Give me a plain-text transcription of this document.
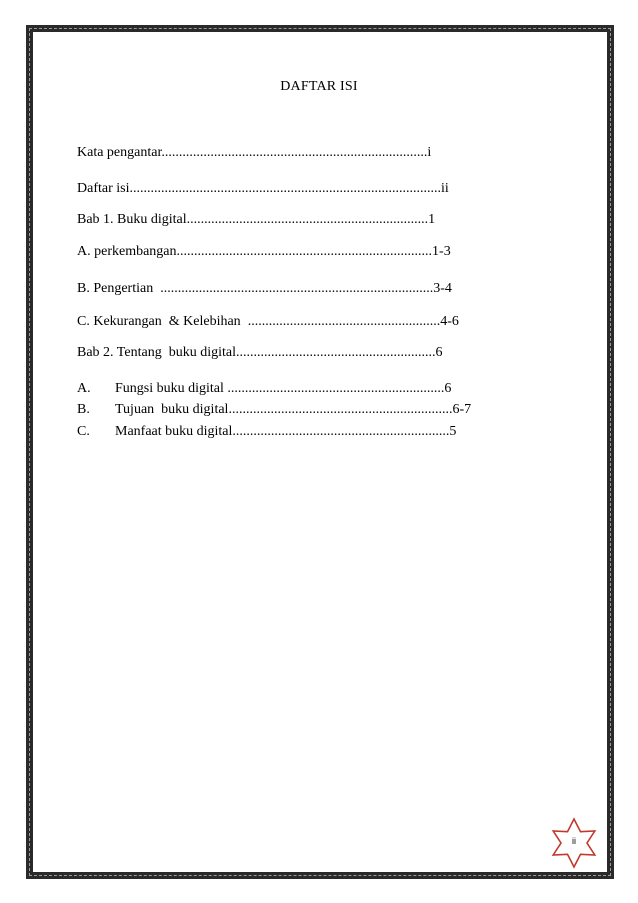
DAFTAR ISI
Kata pengantar............................................................................i
Daftar isi.........................................................................................ii
Bab 1. Buku digital.....................................................................1
A. perkembangan.........................................................................1-3
B. Pengertian  ..............................................................................3-4
C. Kekurangan  & Kelebihan  .......................................................4-6
Bab 2. Tentang  buku digital.........................................................6
A. Fungsi buku digital ..............................................................6
B. Tujuan  buku digital................................................................6-7
C. Manfaat buku digital..............................................................5
ii
